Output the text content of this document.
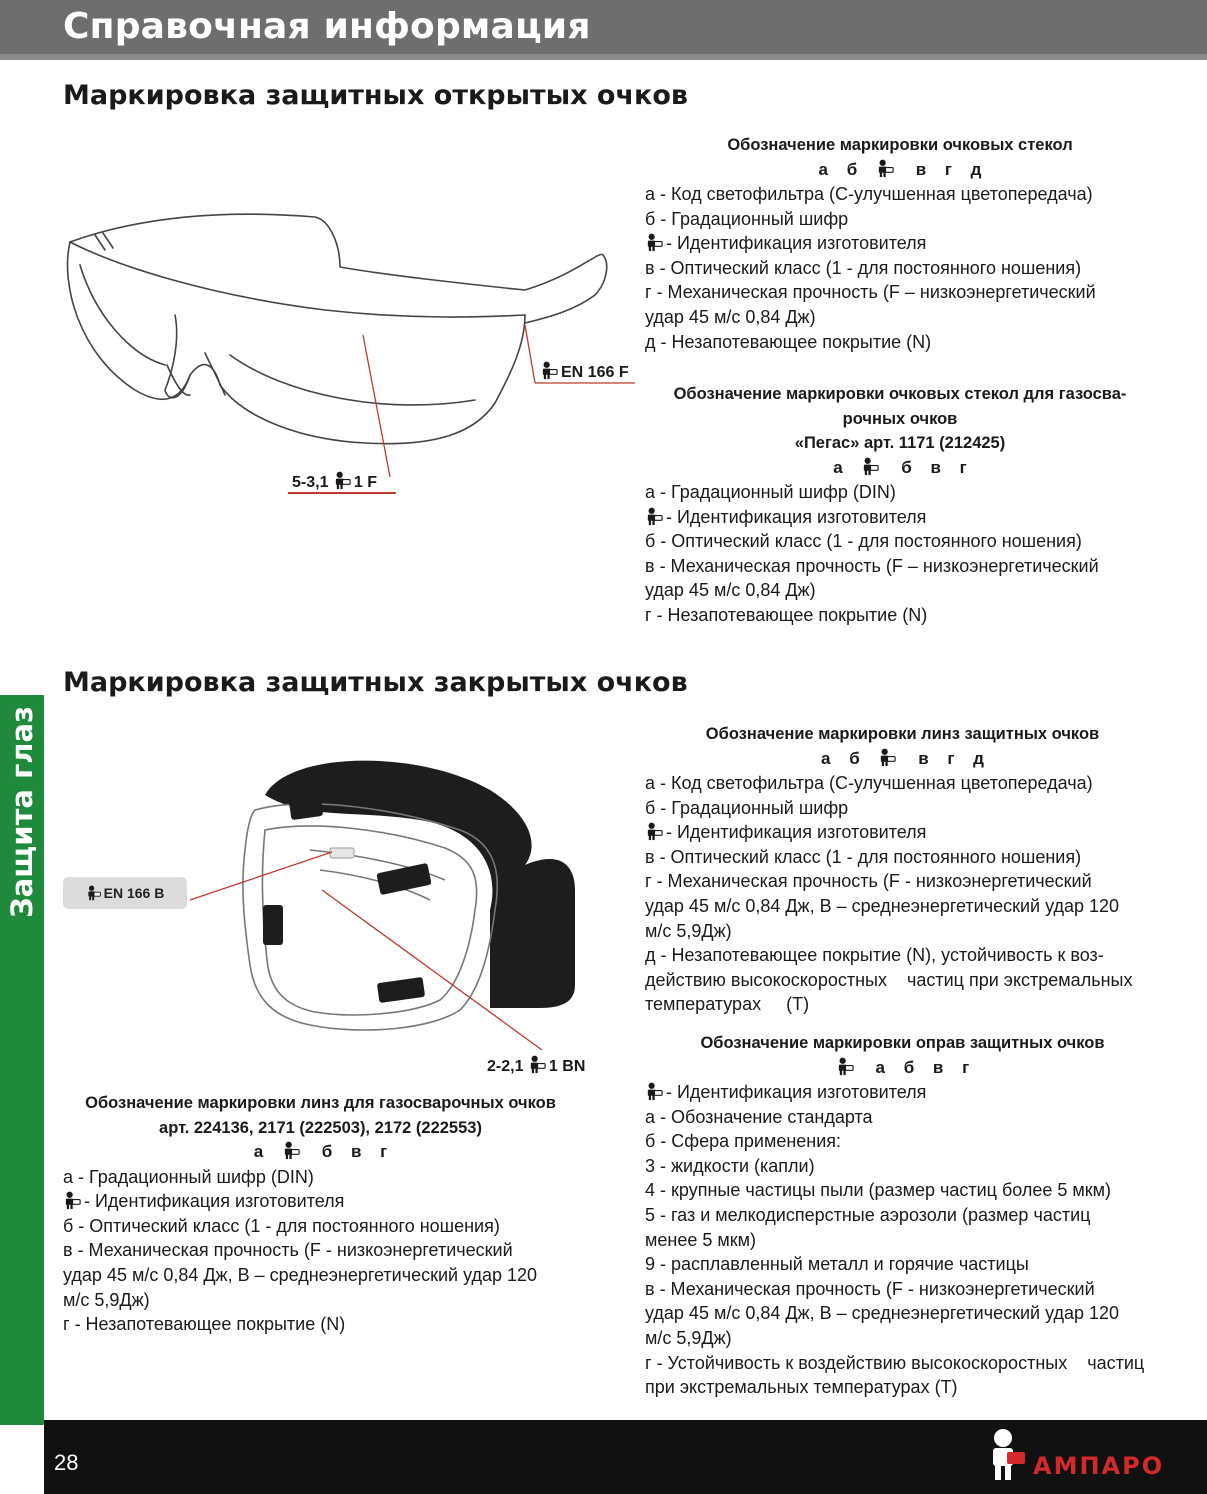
Справочная информация
Защита глаз
Маркировка защитных открытых очков
EN 166 F
5-3,1 1 F
Обозначение маркировки очковых стекол
а б	в г д
а - Код светофильтра (С-улучшенная цветопередача)
б - Градационный шифр
- Идентификация изготовителя
в - Оптический класс (1 - для постоянного ношения)
г - Механическая прочность (F – низкоэнергетический
удар 45 м/с 0,84 Дж)
д - Незапотевающее покрытие (N)
Обозначение маркировки очковых стекол для газосва-
рочных очков
«Пегас» арт. 1171 (212425)
а	б в г
а - Градационный шифр (DIN)
- Идентификация изготовителя
б - Оптический класс (1 - для постоянного ношения)
в - Механическая прочность (F – низкоэнергетический
удар 45 м/с 0,84 Дж)
г - Незапотевающее покрытие (N)
Маркировка защитных закрытых очков
EN 166 B
2-2,1 1 BN
Обозначение маркировки линз защитных очков
а б	в г д
а - Код светофильтра (С-улучшенная цветопередача)
б - Градационный шифр
- Идентификация изготовителя
в - Оптический класс (1 - для постоянного ношения)
г - Механическая прочность (F - низкоэнергетический
удар 45 м/с 0,84 Дж, В – среднеэнергетический удар 120
м/с 5,9Дж)
д - Незапотевающее покрытие (N), устойчивость к воз-
действию высокоскоростных    частиц при экстремальных
температурах     (Т)
Обозначение маркировки оправ защитных очков
а б в г
- Идентификация изготовителя
а - Обозначение стандарта
б - Сфера применения:
3 - жидкости (капли)
4 - крупные частицы пыли (размер частиц более 5 мкм)
5 - газ и мелкодисперстные аэрозоли (размер частиц
менее 5 мкм)
9 - расплавленный металл и горячие частицы
в - Механическая прочность (F - низкоэнергетический
удар 45 м/с 0,84 Дж, В – среднеэнергетический удар 120
м/с 5,9Дж)
г - Устойчивость к воздействию высокоскоростных    частиц
при экстремальных температурах (Т)
Обозначение маркировки линз для газосварочных очков
арт. 224136, 2171 (222503), 2172 (222553)
а	б в г
а - Градационный шифр (DIN)
- Идентификация изготовителя
б - Оптический класс (1 - для постоянного ношения)
в - Механическая прочность (F - низкоэнергетический
удар 45 м/с 0,84 Дж, В – среднеэнергетический удар 120
м/с 5,9Дж)
г - Незапотевающее покрытие (N)
28	АМПАРО
